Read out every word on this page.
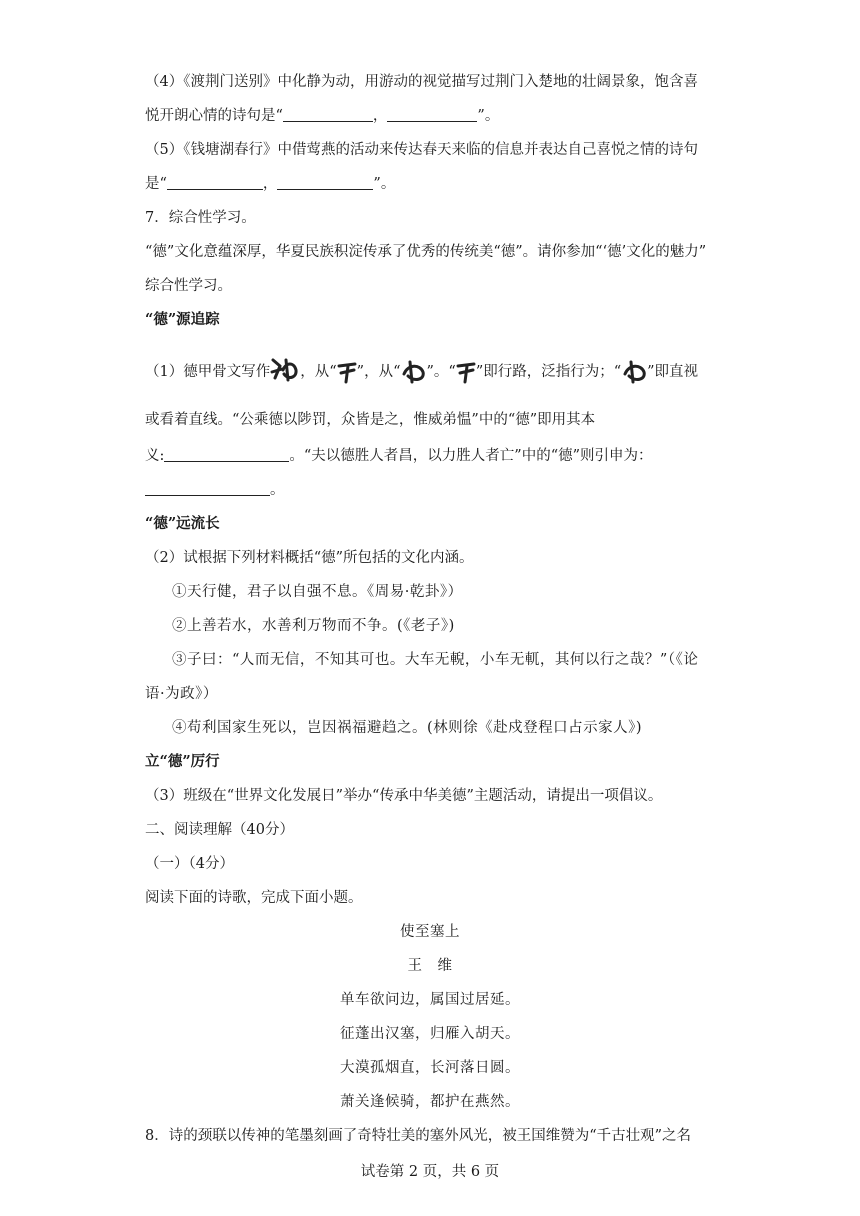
（4）《渡荆门送别》中化静为动，用游动的视觉描写过荆门入楚地的壮阔景象，饱含喜
悦开朗心情的诗句是“	，	”。
（5）《钱塘湖春行》中借莺燕的活动来传达春天来临的信息并表达自己喜悦之情的诗句
是“	，	”。
7．综合性学习。
“德”文化意蕴深厚，华夏民族积淀传承了优秀的传统美“德”。请你参加“‘德’文化的魅力”
综合性学习。
“德”源追踪
（1）德甲骨文写作 ，从“ ”，从“ ”。“ ”即行路，泛指行为；“ ”即直视
或看着直线。“公乘德以陟罚，众皆是之，惟威弟愠”中的“德”即用其本
义:	。“夫以德胜人者昌，以力胜人者亡”中的“德”则引申为：
。
“德”远流长
（2）试根据下列材料概括“德”所包括的文化内涵。
①天行健，君子以自强不息。《周易·乾卦》）
②上善若水，水善利万物而不争。(《老子》)
③子曰：“人而无信，不知其可也。大车无輗，小车无軏，其何以行之哉？”（《论
语·为政》）
④苟利国家生死以，岂因祸福避趋之。(林则徐《赴戍登程口占示家人》)
立“德”厉行
（3）班级在“世界文化发展日”举办“传承中华美德”主题活动，请提出一项倡议。
二、阅读理解（40分）
（一）（4分）
阅读下面的诗歌，完成下面小题。
使至塞上
王　维
单车欲问边，属国过居延。
征蓬出汉塞，归雁入胡天。
大漠孤烟直，长河落日圆。
萧关逢候骑，都护在燕然。
8．诗的颈联以传神的笔墨刻画了奇特壮美的塞外风光，被王国维赞为“千古壮观”之名
试卷第 2 页，共 6 页
